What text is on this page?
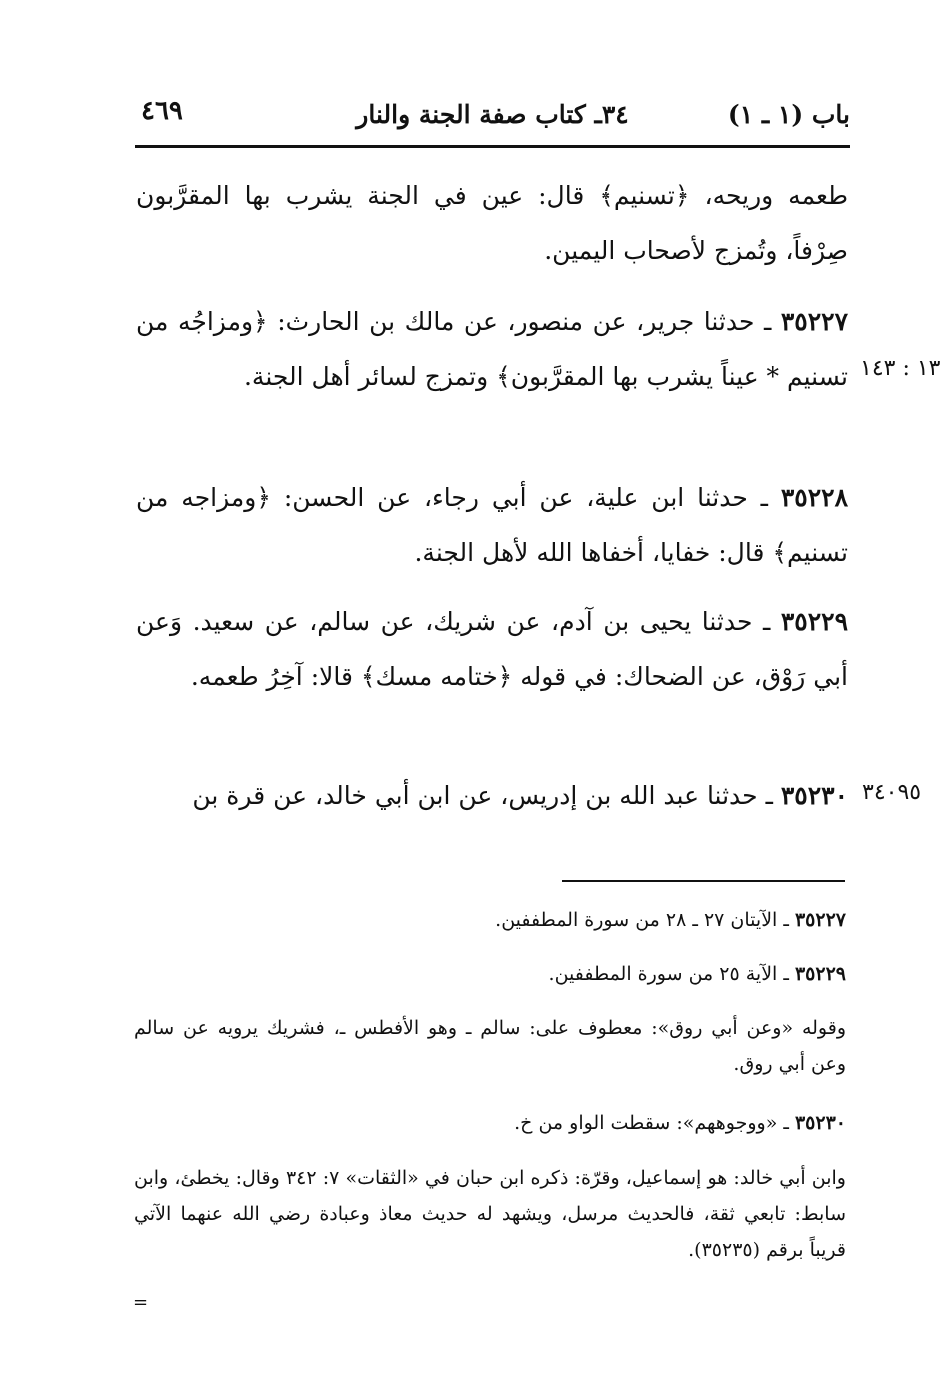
باب (١ ـ ١)
٣٤ـ كتاب صفة الجنة والنار
٤٦٩

طعمه وريحه، ﴿تسنيم﴾ قال: عين في الجنة يشرب بها المقرَّبون صِرْفاً، وتُمزج لأصحاب اليمين.

٣٥٢٢٧ ـ حدثنا جرير، عن منصور، عن مالك بن الحارث: ﴿ومزاجُه من تسنيم * عيناً يشرب بها المقرَّبون﴾ وتمزج لسائر أهل الجنة.

٣٥٢٢٨ ـ حدثنا ابن علية، عن أبي رجاء، عن الحسن: ﴿ومزاجه من تسنيم﴾ قال: خفايا، أخفاها الله لأهل الجنة.

٣٥٢٢٩ ـ حدثنا يحيى بن آدم، عن شريك، عن سالم، عن سعيد. وَعن أبي رَوْق، عن الضحاك: في قوله ﴿ختامه مسك﴾ قالا: آخِرُ طعمه.

٣٥٢٣٠ ـ حدثنا عبد الله بن إدريس، عن ابن أبي خالد، عن قرة بن

١٣ : ١٤٣
٣٤٠٩٥

٣٥٢٢٧ ـ الآيتان ٢٧ ـ ٢٨ من سورة المطففين.

٣٥٢٢٩ ـ الآية ٢٥ من سورة المطففين.

وقوله «وعن أبي روق»: معطوف على: سالم ـ وهو الأفطس ـ، فشريك يرويه عن سالم وعن أبي روق.

٣٥٢٣٠ ـ «ووجوههم»: سقطت الواو من خ.

وابن أبي خالد: هو إسماعيل، وقرّة: ذكره ابن حبان في «الثقات» ٧: ٣٤٢ وقال: يخطئ، وابن سابط: تابعي ثقة، فالحديث مرسل، ويشهد له حديث معاذ وعبادة رضي الله عنهما الآتي قريباً برقم (٣٥٢٣٥).

=
